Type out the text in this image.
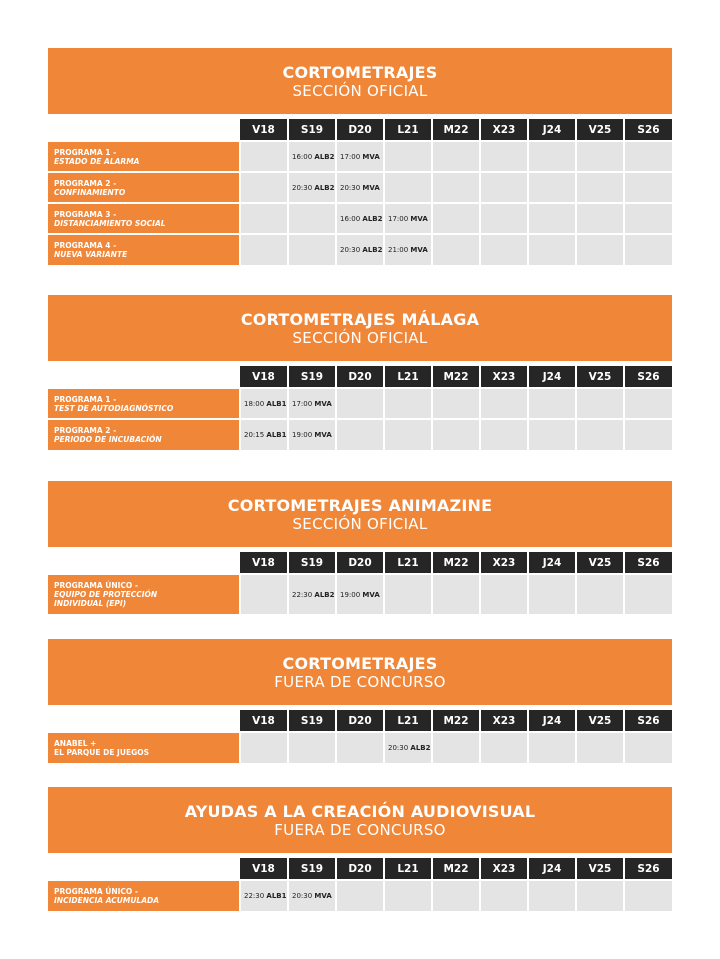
CORTOMETRAJES
SECCIÓN OFICIAL
	V18	S19	D20	L21	M22	X23	J24	V25	S26

PROGRAMA 1 -
ESTADO DE ALARMA		16:00 ALB2	17:00 MVA						

PROGRAMA 2 -
CONFINAMIENTO		20:30 ALB2	20:30 MVA						

PROGRAMA 3 -
DISTANCIAMIENTO SOCIAL			16:00 ALB2	17:00 MVA					

PROGRAMA 4 -
NUEVA VARIANTE			20:30 ALB2	21:00 MVA					
CORTOMETRAJES MÁLAGA
SECCIÓN OFICIAL
	V18	S19	D20	L21	M22	X23	J24	V25	S26

PROGRAMA 1 -
TEST DE AUTODIAGNÓSTICO	18:00 ALB1	17:00 MVA							

PROGRAMA 2 -
PERIODO DE INCUBACIÓN	20:15 ALB1	19:00 MVA							
CORTOMETRAJES ANIMAZINE
SECCIÓN OFICIAL
	V18	S19	D20	L21	M22	X23	J24	V25	S26

PROGRAMA ÚNICO -
EQUIPO DE PROTECCIÓN
INDIVIDUAL (EPI)		22:30 ALB2	19:00 MVA						
CORTOMETRAJES
FUERA DE CONCURSO
	V18	S19	D20	L21	M22	X23	J24	V25	S26

ANABEL +
EL PARQUE DE JUEGOS				20:30 ALB2					
AYUDAS A LA CREACIÓN AUDIOVISUAL
FUERA DE CONCURSO
	V18	S19	D20	L21	M22	X23	J24	V25	S26

PROGRAMA ÚNICO -
INCIDENCIA ACUMULADA	22:30 ALB1	20:30 MVA							
